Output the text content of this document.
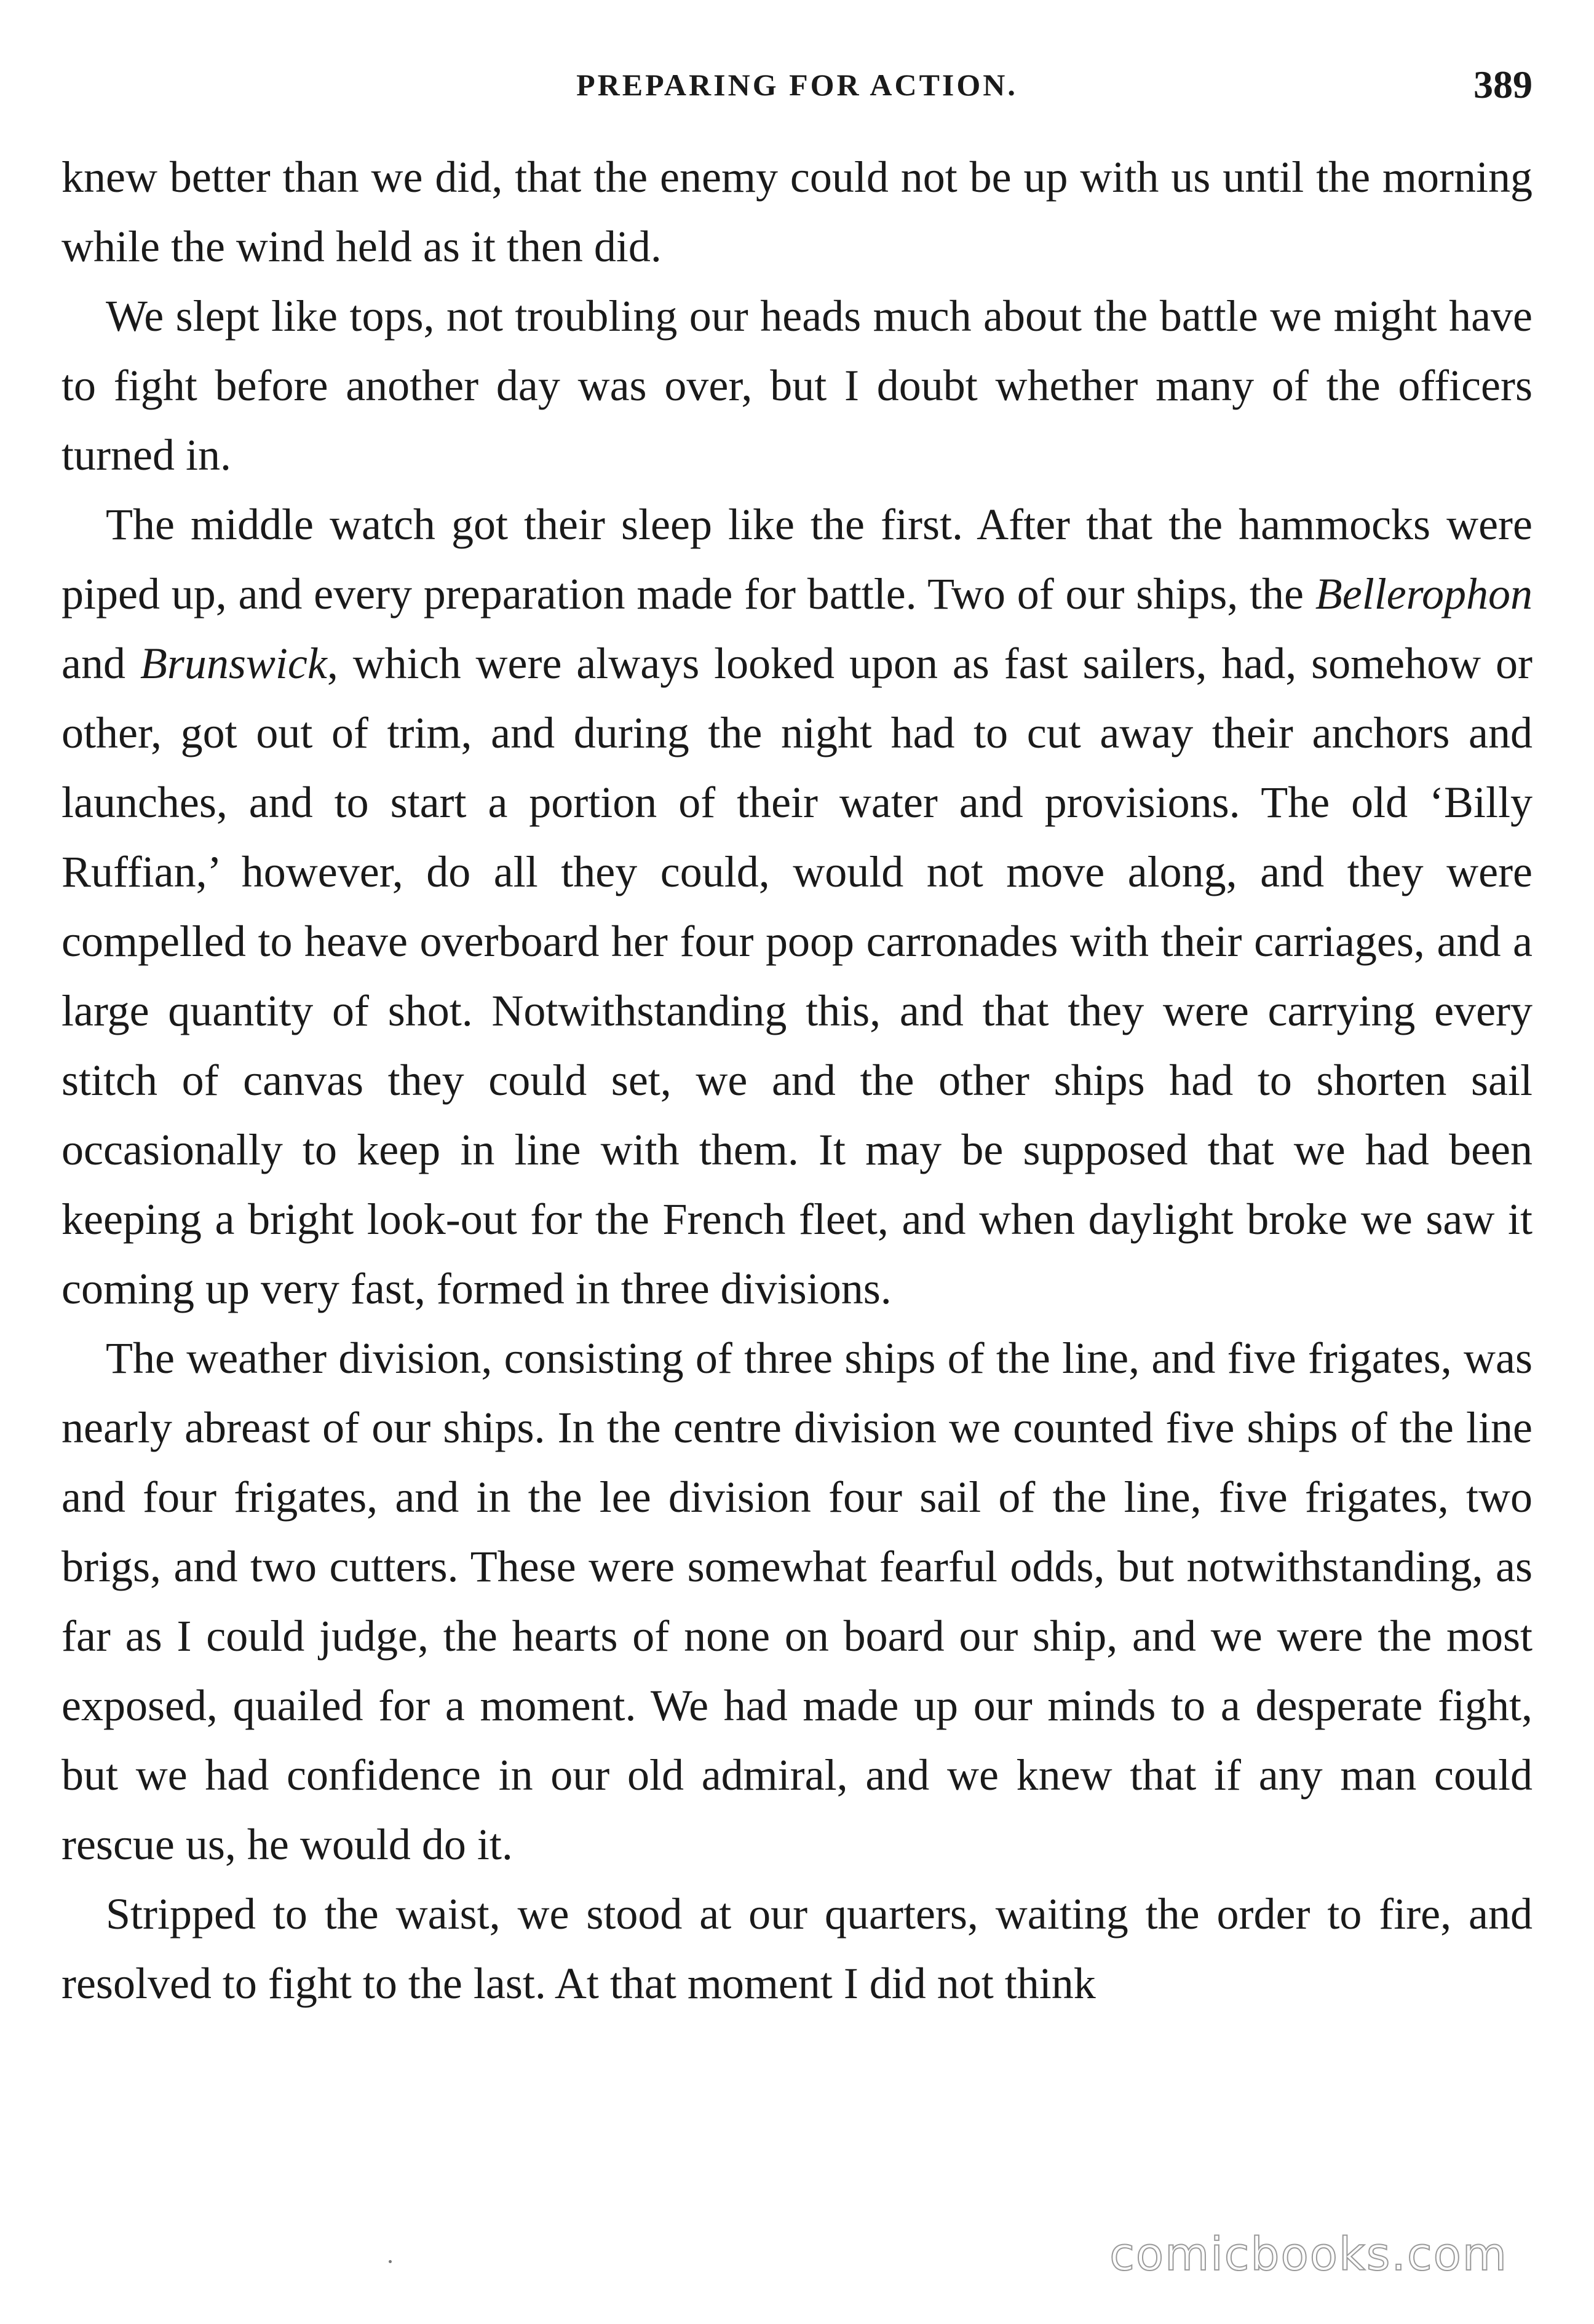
PREPARING FOR ACTION.	389

knew better than we did, that the enemy could not be up with us until the morning while the wind held as it then did.

We slept like tops, not troubling our heads much about the battle we might have to fight before another day was over, but I doubt whether many of the officers turned in.

The middle watch got their sleep like the first. After that the hammocks were piped up, and every preparation made for battle. Two of our ships, the Bellerophon and Brunswick, which were always looked upon as fast sailers, had, somehow or other, got out of trim, and during the night had to cut away their anchors and launches, and to start a portion of their water and provisions. The old ‘Billy Ruffian,’ however, do all they could, would not move along, and they were compelled to heave overboard her four poop carronades with their carriages, and a large quantity of shot. Notwithstanding this, and that they were carrying every stitch of canvas they could set, we and the other ships had to shorten sail occasionally to keep in line with them. It may be supposed that we had been keeping a bright look-out for the French fleet, and when daylight broke we saw it coming up very fast, formed in three divisions.

The weather division, consisting of three ships of the line, and five frigates, was nearly abreast of our ships. In the centre division we counted five ships of the line and four frigates, and in the lee division four sail of the line, five frigates, two brigs, and two cutters. These were somewhat fearful odds, but notwithstanding, as far as I could judge, the hearts of none on board our ship, and we were the most exposed, quailed for a moment. We had made up our minds to a desperate fight, but we had confidence in our old admiral, and we knew that if any man could rescue us, he would do it.

Stripped to the waist, we stood at our quarters, waiting the order to fire, and resolved to fight to the last. At that moment I did not think

comicbooks.com
